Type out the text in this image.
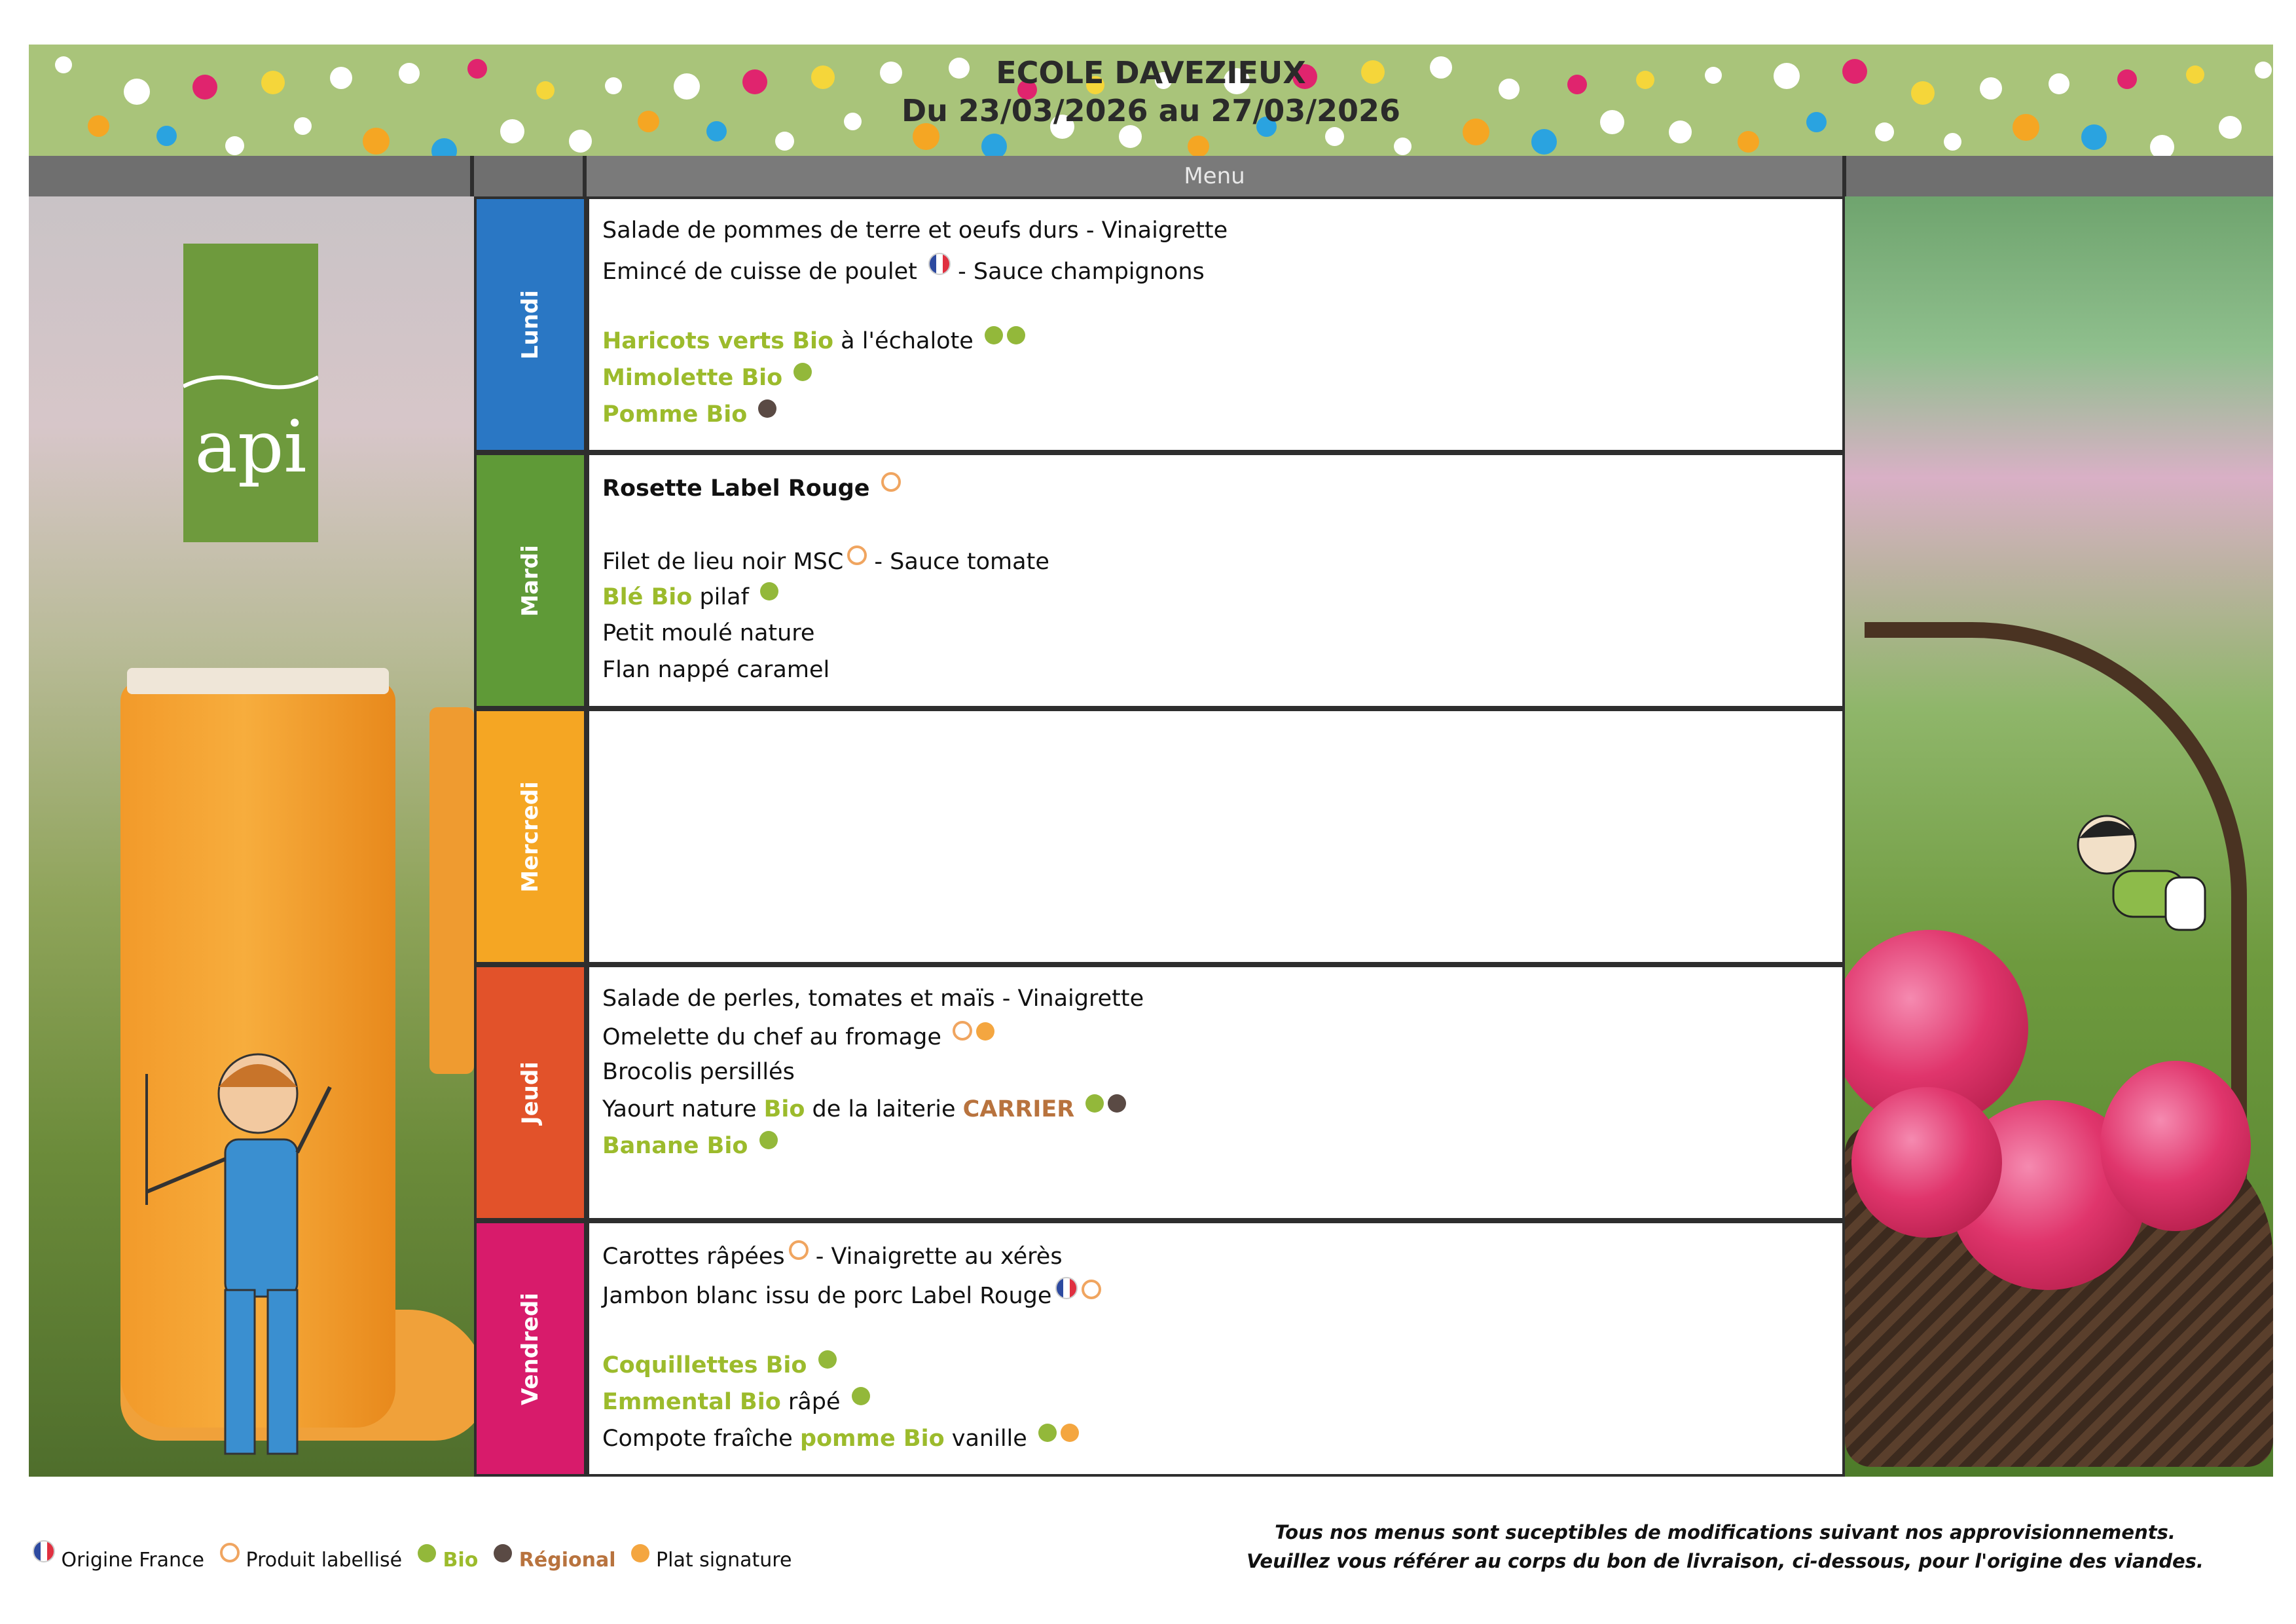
ECOLE DAVEZIEUX
Du 23/03/2026 au 27/03/2026
Menu
api
Lundi
Salade de pommes de terre et oeufs durs - Vinaigrette
Emincé de cuisse de poulet  - Sauce champignons
Haricots verts Bio à l'échalote
Mimolette Bio
Pomme Bio
Mardi
Rosette Label Rouge
Filet de lieu noir MSC - Sauce tomate
Blé Bio pilaf
Petit moulé nature
Flan nappé caramel
Mercredi
Jeudi
Salade de perles, tomates et maïs - Vinaigrette
Omelette du chef au fromage
Brocolis persillés
Yaourt nature Bio de la laiterie CARRIER
Banane Bio
Vendredi
Carottes râpées - Vinaigrette au xérès
Jambon blanc issu de porc Label Rouge
Coquillettes Bio
Emmental Bio râpé
Compote fraîche pomme Bio vanille
Origine France Produit labellisé Bio Régional Plat signature
Tous nos menus sont suceptibles de modifications suivant nos approvisionnements.
Veuillez vous référer au corps du bon de livraison, ci-dessous, pour l'origine des viandes.
